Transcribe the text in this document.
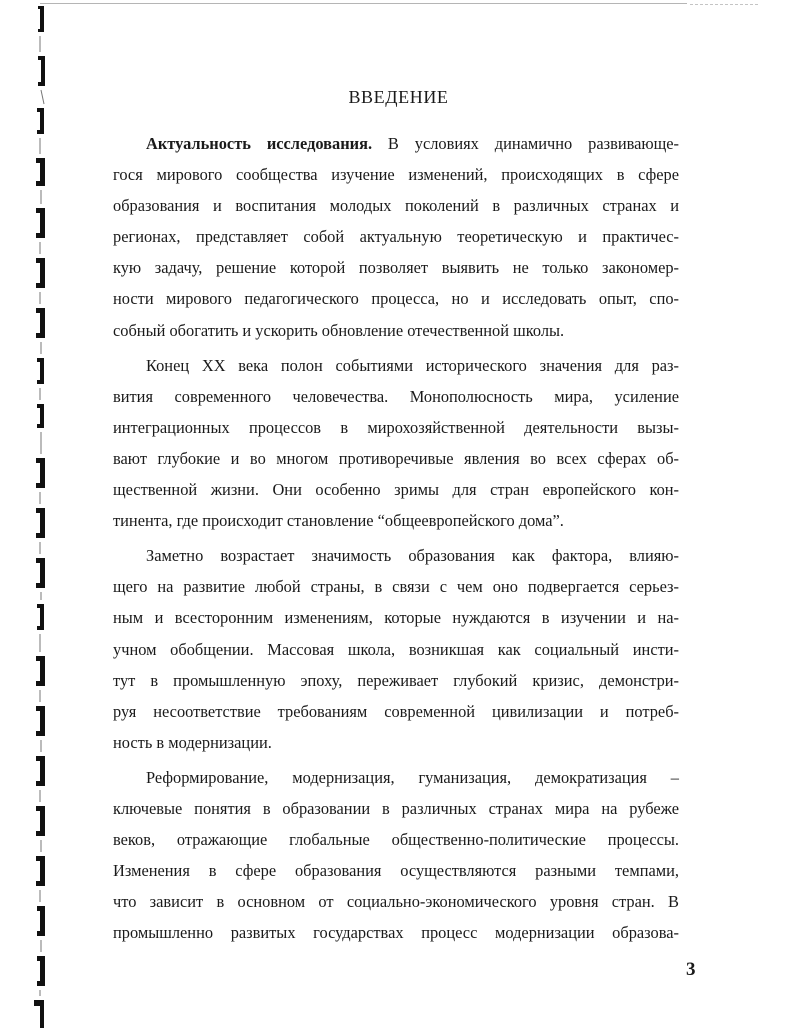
ВВЕДЕНИЕ
Актуальность исследования. В условиях динамично развивающе-
гося мирового сообщества изучение изменений, происходящих в сфере
образования и воспитания молодых поколений в различных странах и
регионах, представляет собой актуальную теоретическую и практичес-
кую задачу, решение которой позволяет выявить не только закономер-
ности мирового педагогического процесса, но и исследовать опыт, спо-
собный обогатить и ускорить обновление отечественной школы.
Конец XX века полон событиями исторического значения для раз-
вития современного человечества. Монополюсность мира, усиление
интеграционных процессов в мирохозяйственной деятельности вызы-
вают глубокие и во многом противоречивые явления во всех сферах об-
щественной жизни. Они особенно зримы для стран европейского кон-
тинента, где происходит становление “общеевропейского дома”.
Заметно возрастает значимость образования как фактора, влияю-
щего на развитие любой страны, в связи с чем оно подвергается серьез-
ным и всесторонним изменениям, которые нуждаются в изучении и на-
учном обобщении. Массовая школа, возникшая как социальный инсти-
тут в промышленную эпоху, переживает глубокий кризис, демонстри-
руя несоответствие требованиям современной цивилизации и потреб-
ность в модернизации.
Реформирование, модернизация, гуманизация, демократизация –
ключевые понятия в образовании в различных странах мира на рубеже
веков, отражающие глобальные общественно-политические процессы.
Изменения в сфере образования осуществляются разными темпами,
что зависит в основном от социально-экономического уровня стран. В
промышленно развитых государствах процесс модернизации образова-
3
